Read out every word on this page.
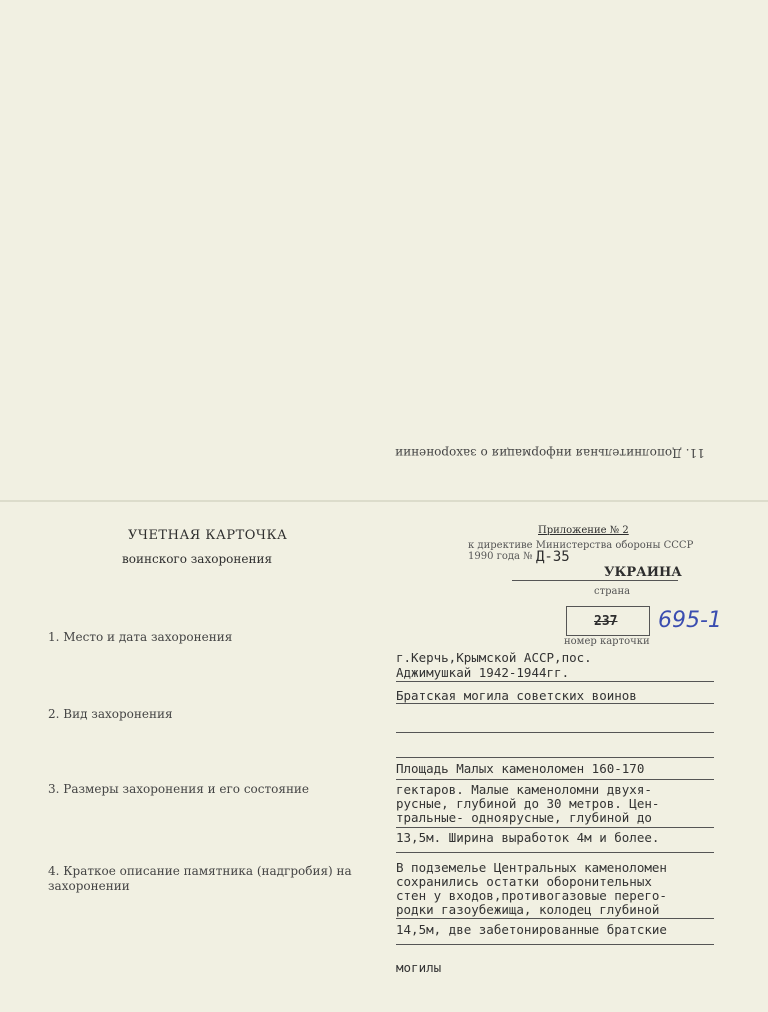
11. Дополнительная информация о захоронении
УЧЕТНАЯ КАРТОЧКА
воинского захоронения
Приложение № 2
к директиве Министерства обороны СССР
1990 года № Д-35
УКРАИНА
страна
237 695-1
номер карточки
1. Место и дата захоронения
г.Керчь,Крымской АССР,пос.
Аджимушкай 1942-1944гг.
2. Вид захоронения
Братская могила советских воинов
3. Размеры захоронения и его состояние
Площадь Малых каменоломен 160-170
гектаров. Малые каменоломни двухя-
русные, глубиной до 30 метров. Цен-
тральные- одноярусные, глубиной до
13,5м. Ширина выработок 4м и более.
4. Краткое описание памятника (надгробия) на захоронении
В подземелье Центральных каменоломен
сохранились остатки оборонительных
стен у входов,противогазовые перего-
родки газоубежища, колодец глубиной
14,5м, две забетонированные братские
могилы
